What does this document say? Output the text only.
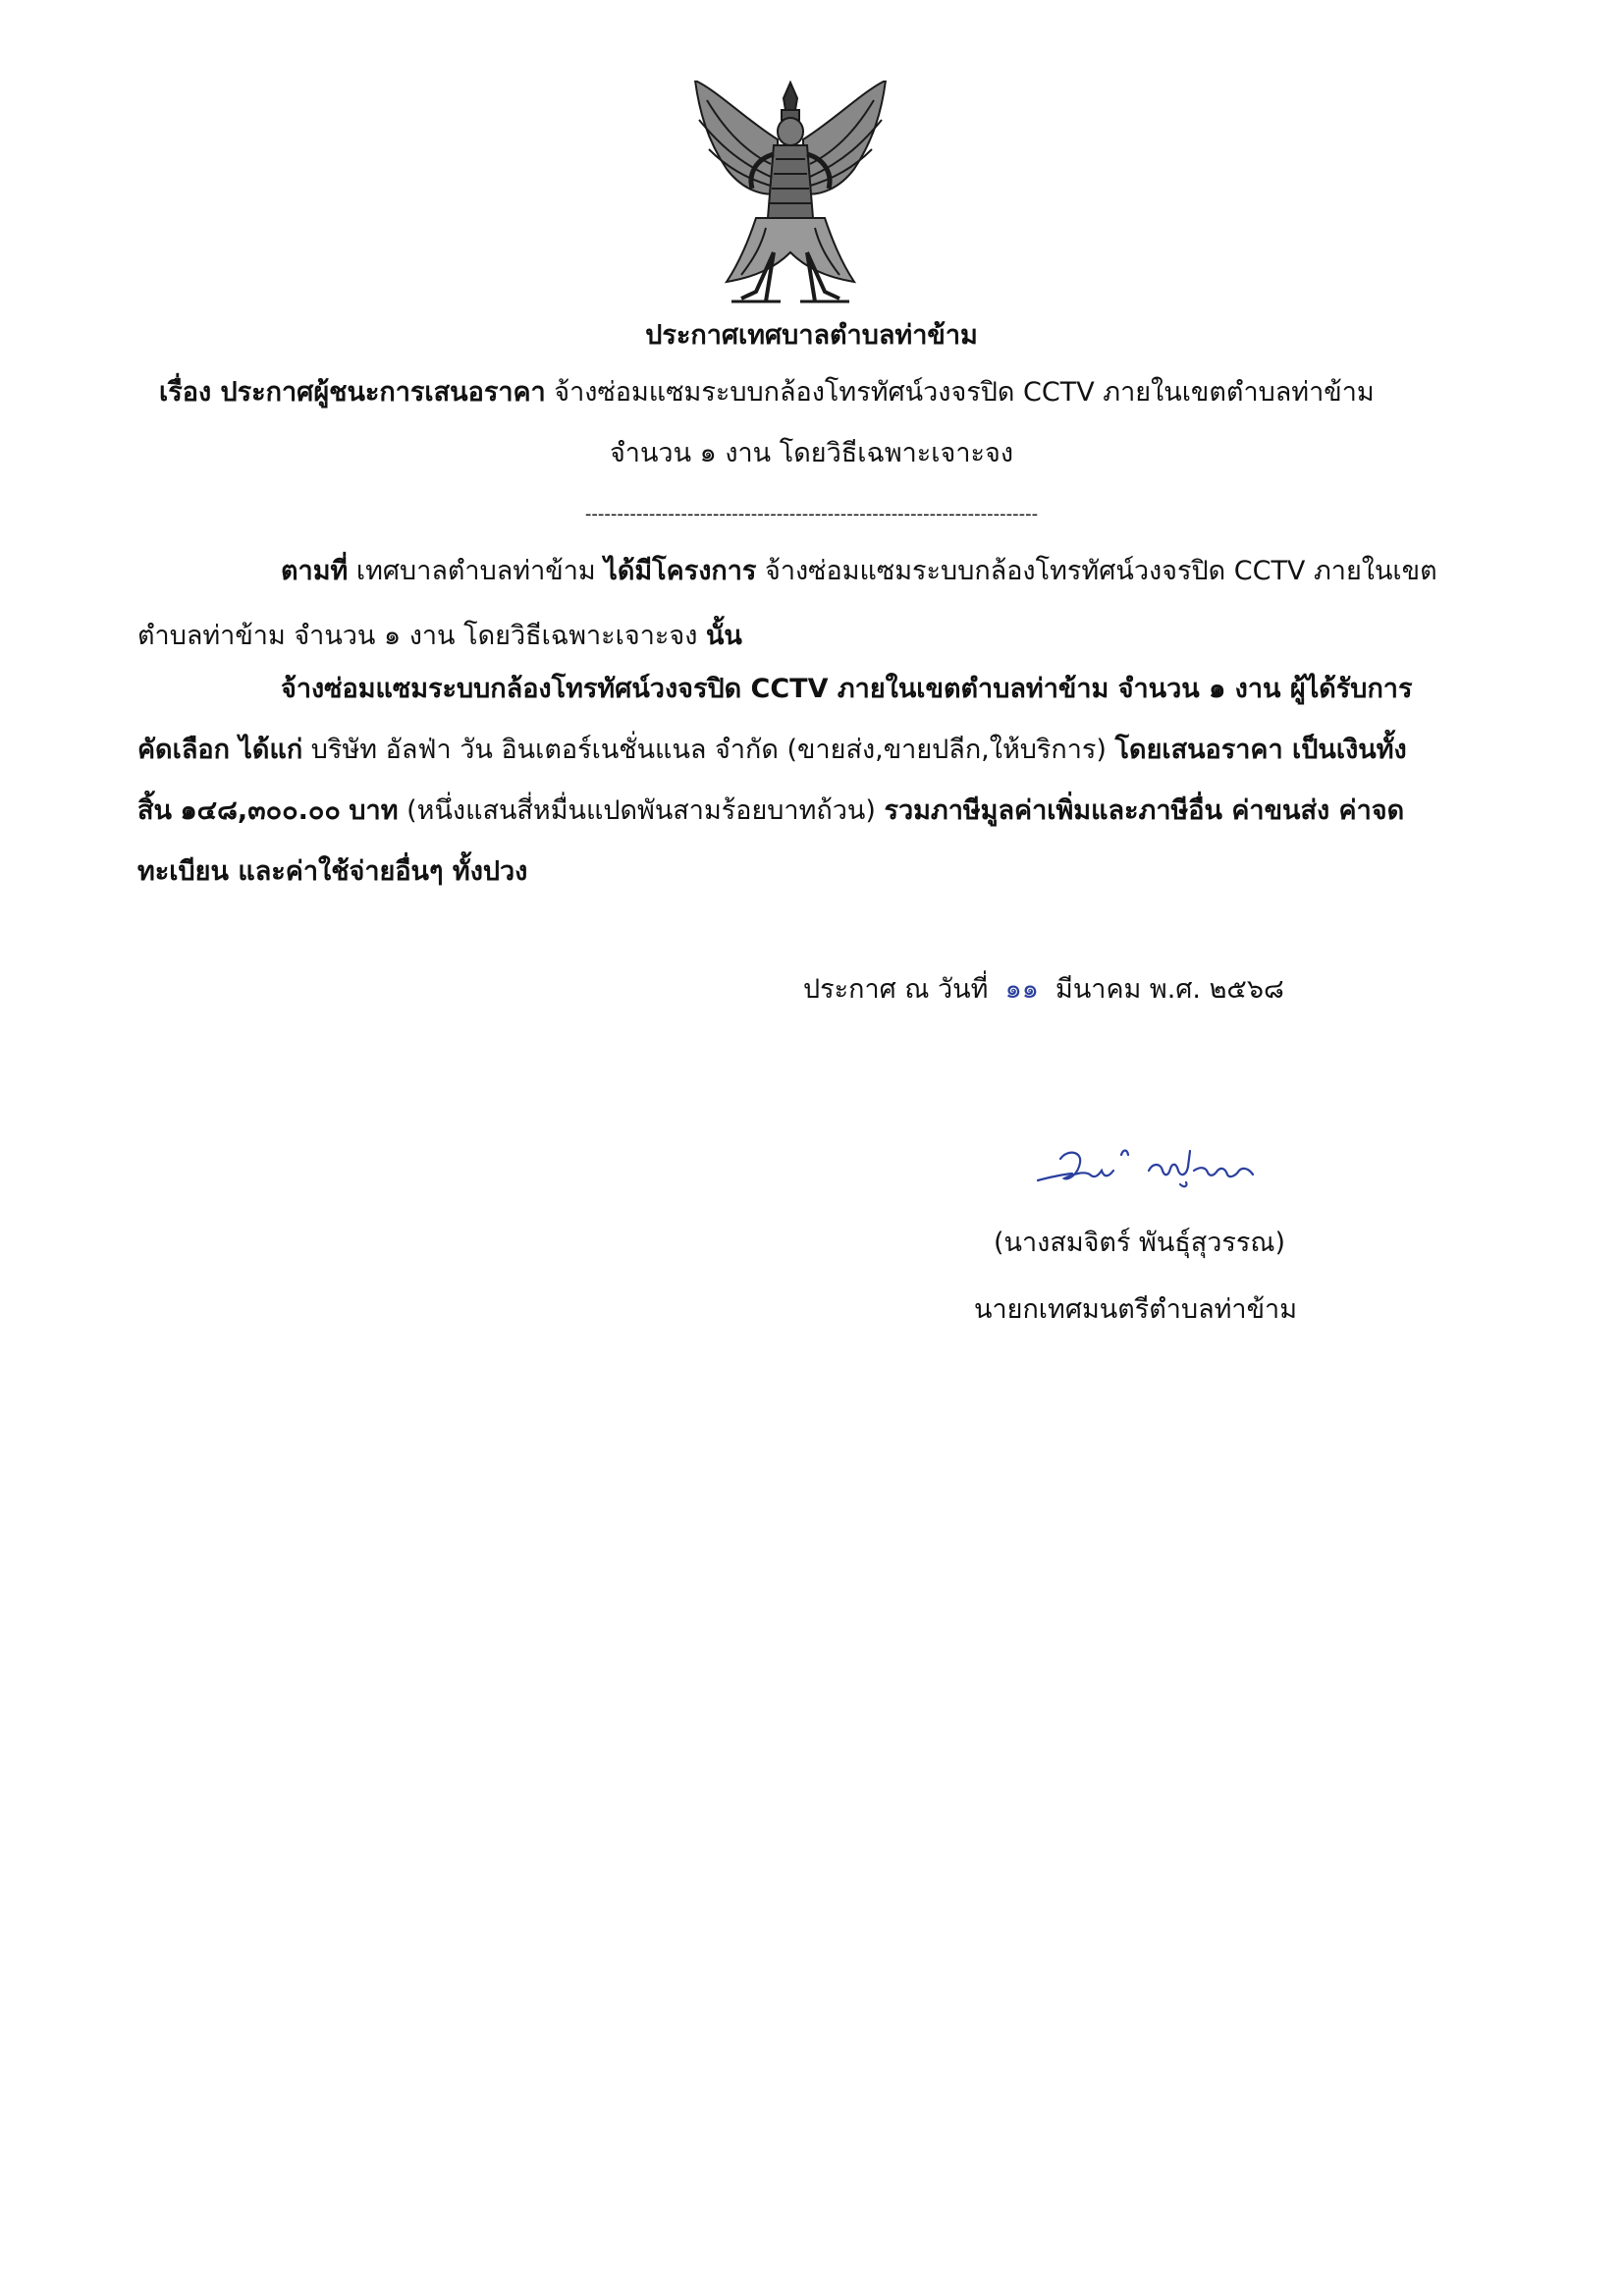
ประกาศเทศบาลตำบลท่าข้าม
เรื่อง ประกาศผู้ชนะการเสนอราคา จ้างซ่อมแซมระบบกล้องโทรทัศน์วงจรปิด CCTV ภายในเขตตำบลท่าข้าม
จำนวน ๑ งาน โดยวิธีเฉพาะเจาะจง
-----------------------------------------------------------------------
ตามที่ เทศบาลตำบลท่าข้าม ได้มีโครงการ จ้างซ่อมแซมระบบกล้องโทรทัศน์วงจรปิด CCTV ภายในเขต
ตำบลท่าข้าม จำนวน ๑ งาน โดยวิธีเฉพาะเจาะจง นั้น
จ้างซ่อมแซมระบบกล้องโทรทัศน์วงจรปิด CCTV ภายในเขตตำบลท่าข้าม จำนวน ๑ งาน ผู้ได้รับการ
คัดเลือก ได้แก่ บริษัท อัลฟ่า วัน อินเตอร์เนชั่นแนล จำกัด (ขายส่ง,ขายปลีก,ให้บริการ) โดยเสนอราคา เป็นเงินทั้ง
สิ้น ๑๔๘,๓๐๐.๐๐ บาท (หนึ่งแสนสี่หมื่นแปดพันสามร้อยบาทถ้วน) รวมภาษีมูลค่าเพิ่มและภาษีอื่น ค่าขนส่ง ค่าจด
ทะเบียน และค่าใช้จ่ายอื่นๆ ทั้งปวง
ประกาศ ณ วันที่ ๑๑ มีนาคม พ.ศ. ๒๕๖๘
(นางสมจิตร์ พันธุ์สุวรรณ)
นายกเทศมนตรีตำบลท่าข้าม
